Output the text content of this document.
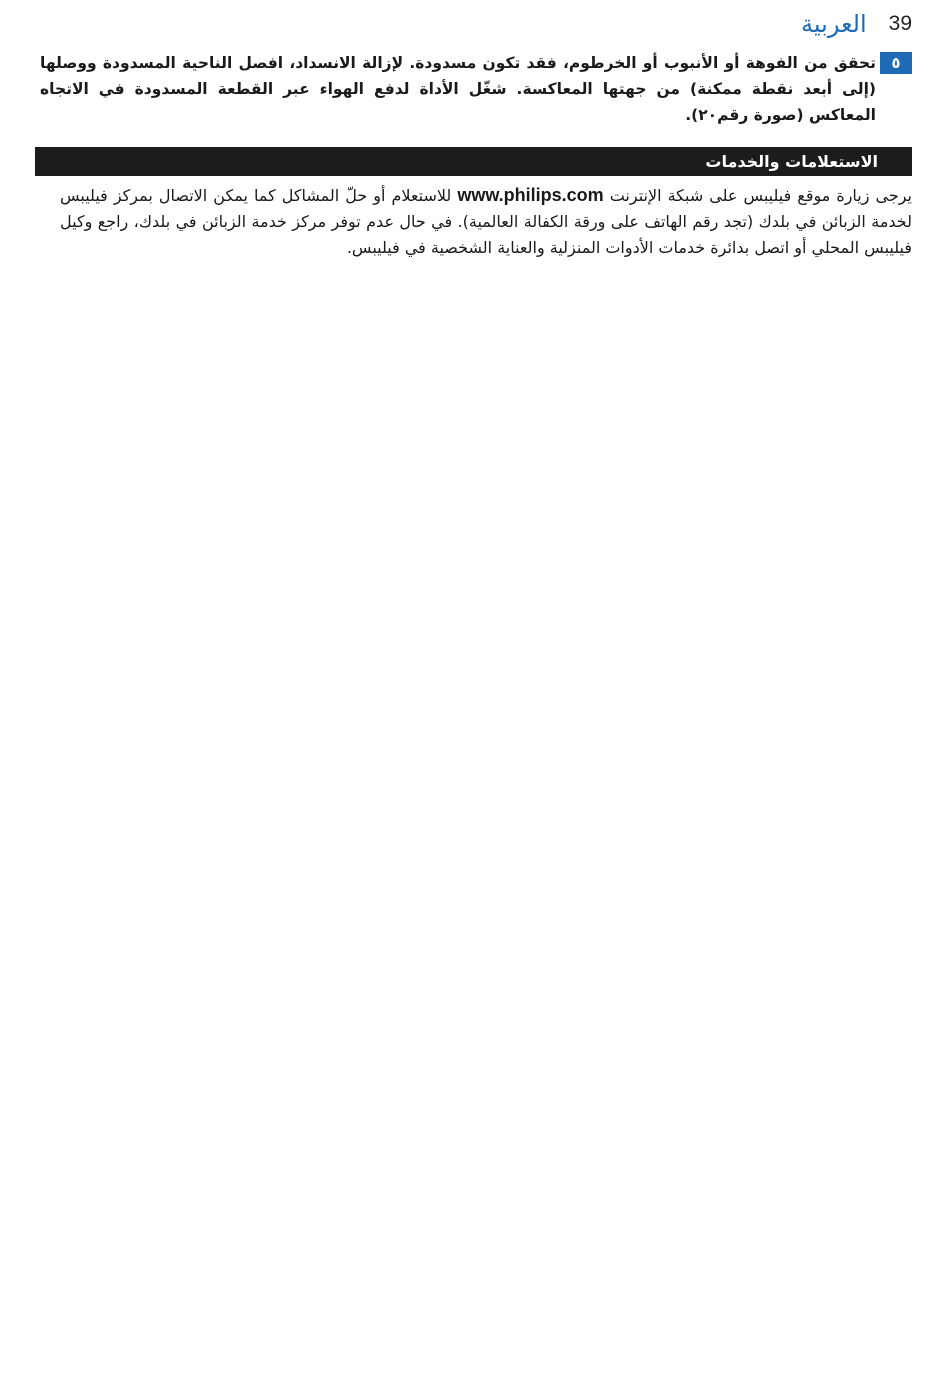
39
العربية
٥
تحقق من الفوهة أو الأنبوب أو الخرطوم، فقد تكون مسدودة. لإزالة الانسداد، افصل الناحية المسدودة ووصلها (إلى أبعد نقطة ممكنة) من جهتها المعاكسة. شغّل الأداة لدفع الهواء عبر القطعة المسدودة في الاتجاه المعاكس (صورة رقم٢٠).
الاستعلامات والخدمات
يرجى زيارة موقع فيليبس على شبكة الإنترنت www.philips.com للاستعلام أو حلّ المشاكل كما يمكن الاتصال بمركز فيليبس لخدمة الزبائن في بلدك (تجد رقم الهاتف على ورقة الكفالة العالمية). في حال عدم توفر مركز خدمة الزبائن في بلدك، راجع وكيل فيليبس المحلي أو اتصل بدائرة خدمات الأدوات المنزلية والعناية الشخصية في فيليبس.
